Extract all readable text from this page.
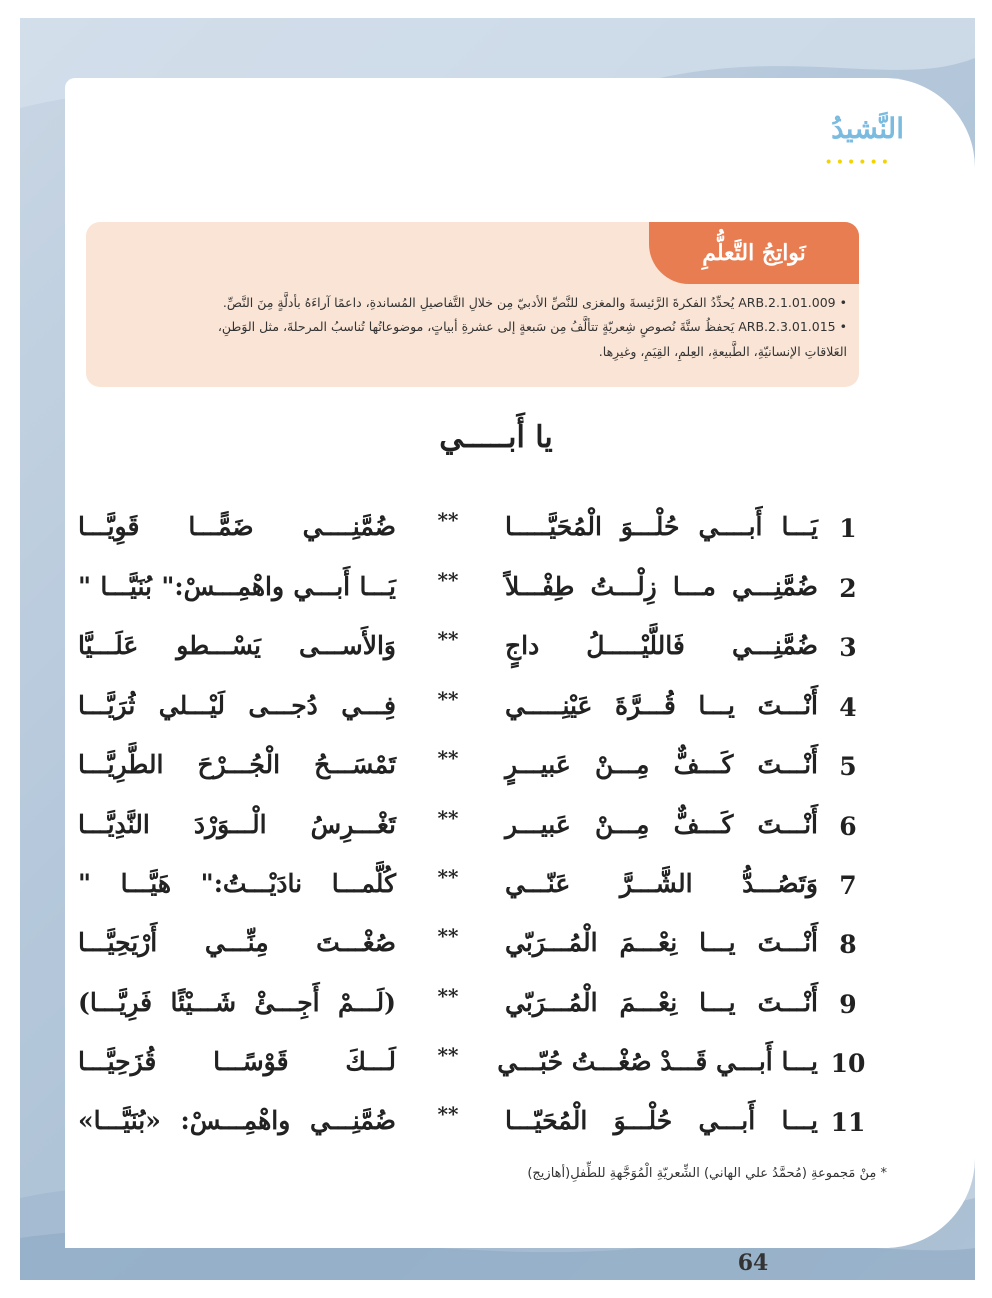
النَّشيدُ
••••••
نَواتِجُ التَّعلُّمِ
• ARB.2.1.01.009 يُحدِّدُ الفكرةَ الرَّئيسةَ والمغزى للنَّصِّ الأدبيّ مِن خلالِ التَّفاصيلِ المُساندةِ، داعمًا آراءَهُ بأدلَّةٍ مِنَ النَّصِّ.
• ARB.2.3.01.015 يَحفظُ ستَّةَ نُصوصٍ شِعريّةٍ تتألَّفُ مِن سَبعةٍ إلى عشرةِ أبياتٍ، موضوعاتُها تُناسبُ المرحلةَ، مثل الوَطنِ،
العَلاقاتِ الإنسانيّةِ، الطَّبيعةِ، العِلمِ، القِيَمِ، وغيرِها.
يا أَبـــــي
1
يَـــا أَبــــي حُلْـــوَ الْمُحَيَّـــــا
**
ضُمَّنِــــي ضَمًّـــا قَوِيَّـــا
2
ضُمَّنِـــي مـــا زِلْـــتُ طِفْـــلاً
**
يَـــا أَبـــي واهْمِـــسْ:" بُنَيَّـــا "
3
ضُمَّنِـــي فَاللَّيْـــــلُ داجٍ
**
وَالأَســـى يَسْـــطو عَلَـــيَّا
4
أَنْـــتَ يـــا قُـــرَّةَ عَيْنِـــــي
**
فِـــي دُجـــى لَيْـــلي ثُرَيَّـــا
5
أَنْـــتَ كَـــفٌّ مِـــنْ عَبيـــرٍ
**
تَمْسَـــحُ الْجُـــرْحَ الطَّرِيَّـــا
6
أَنْـــتَ كَـــفٌّ مِـــنْ عَبيـــر
**
تَغْـــرِسُ الْـــوَرْدَ النَّدِيَّـــا
7
وَتَصُـــدُّ الشَّـــرَّ عَنّـــي
**
كُلَّمـــا نادَيْـــتُ:" هَيَّـــا "
8
أَنْـــتَ يـــا نِعْـــمَ الْمُـــرَبّي
**
صُغْـــتَ مِنِّـــي أَرْيَحِيَّـــا
9
أَنْـــتَ يـــا نِعْـــمَ الْمُـــرَبّي
**
(لَـــمْ أَجِـــئْ شَـــيْئًا فَرِيَّـــا)
10
يـــا أَبـــي قَـــدْ صُغْـــتُ حُبّـــي
**
لَـــكَ قَوْسًـــا قُزَحِيَّـــا
11
يـــا أَبـــي حُلْـــوَ الْمُحَيّـــا
**
ضُمَّنِـــي واهْمِـــسْ: «بُنَيَّـــا»
* مِنْ مَجموعةِ (مُحمَّدُ علي الهاني) الشِّعريّةِ الْمُوَجَّهةِ للطِّفلِ(أهازيج)
64
